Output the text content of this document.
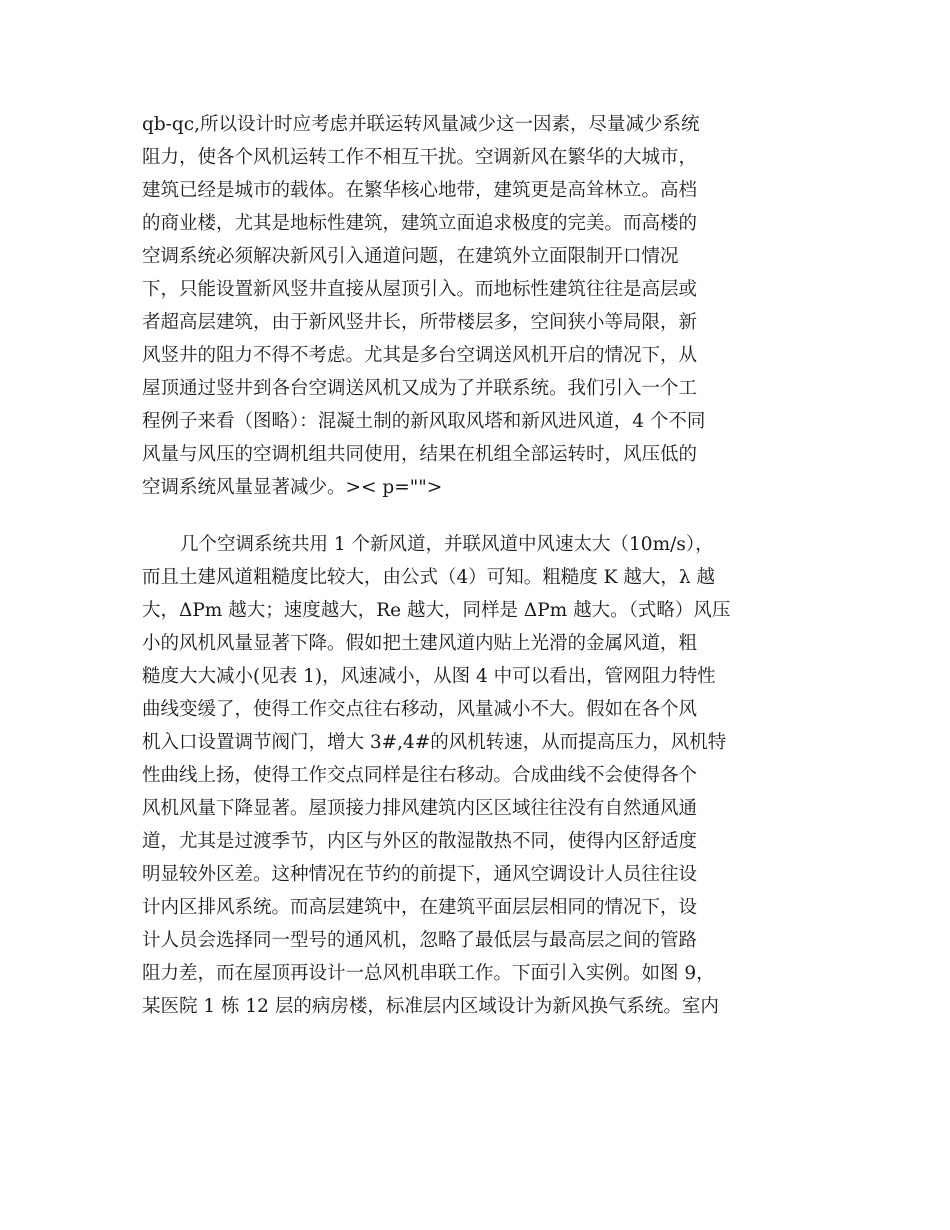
qb-qc,所以设计时应考虑并联运转风量减少这一因素，尽量减少系统
阻力，使各个风机运转工作不相互干扰。空调新风在繁华的大城市，
建筑已经是城市的载体。在繁华核心地带，建筑更是高耸林立。高档
的商业楼，尤其是地标性建筑，建筑立面追求极度的完美。而高楼的
空调系统必须解决新风引入通道问题，在建筑外立面限制开口情况
下，只能设置新风竖井直接从屋顶引入。而地标性建筑往往是高层或
者超高层建筑，由于新风竖井长，所带楼层多，空间狭小等局限，新
风竖井的阻力不得不考虑。尤其是多台空调送风机开启的情况下，从
屋顶通过竖井到各台空调送风机又成为了并联系统。我们引入一个工
程例子来看（图略）：混凝土制的新风取风塔和新风进风道，4 个不同
风量与风压的空调机组共同使用，结果在机组全部运转时，风压低的
空调系统风量显著减少。>< p="">
几个空调系统共用 1 个新风道，并联风道中风速太大（10m/s），
而且土建风道粗糙度比较大，由公式（4）可知。粗糙度 K 越大，λ 越
大，ΔPm 越大；速度越大，Re 越大，同样是 ΔPm 越大。（式略）风压
小的风机风量显著下降。假如把土建风道内贴上光滑的金属风道，粗
糙度大大减小(见表 1)，风速减小，从图 4 中可以看出，管网阻力特性
曲线变缓了，使得工作交点往右移动，风量减小不大。假如在各个风
机入口设置调节阀门，增大 3#,4#的风机转速，从而提高压力，风机特
性曲线上扬，使得工作交点同样是往右移动。合成曲线不会使得各个
风机风量下降显著。屋顶接力排风建筑内区区域往往没有自然通风通
道，尤其是过渡季节，内区与外区的散湿散热不同，使得内区舒适度
明显较外区差。这种情况在节约的前提下，通风空调设计人员往往设
计内区排风系统。而高层建筑中，在建筑平面层层相同的情况下，设
计人员会选择同一型号的通风机，忽略了最低层与最高层之间的管路
阻力差，而在屋顶再设计一总风机串联工作。下面引入实例。如图 9，
某医院 1 栋 12 层的病房楼，标准层内区域设计为新风换气系统。室内
